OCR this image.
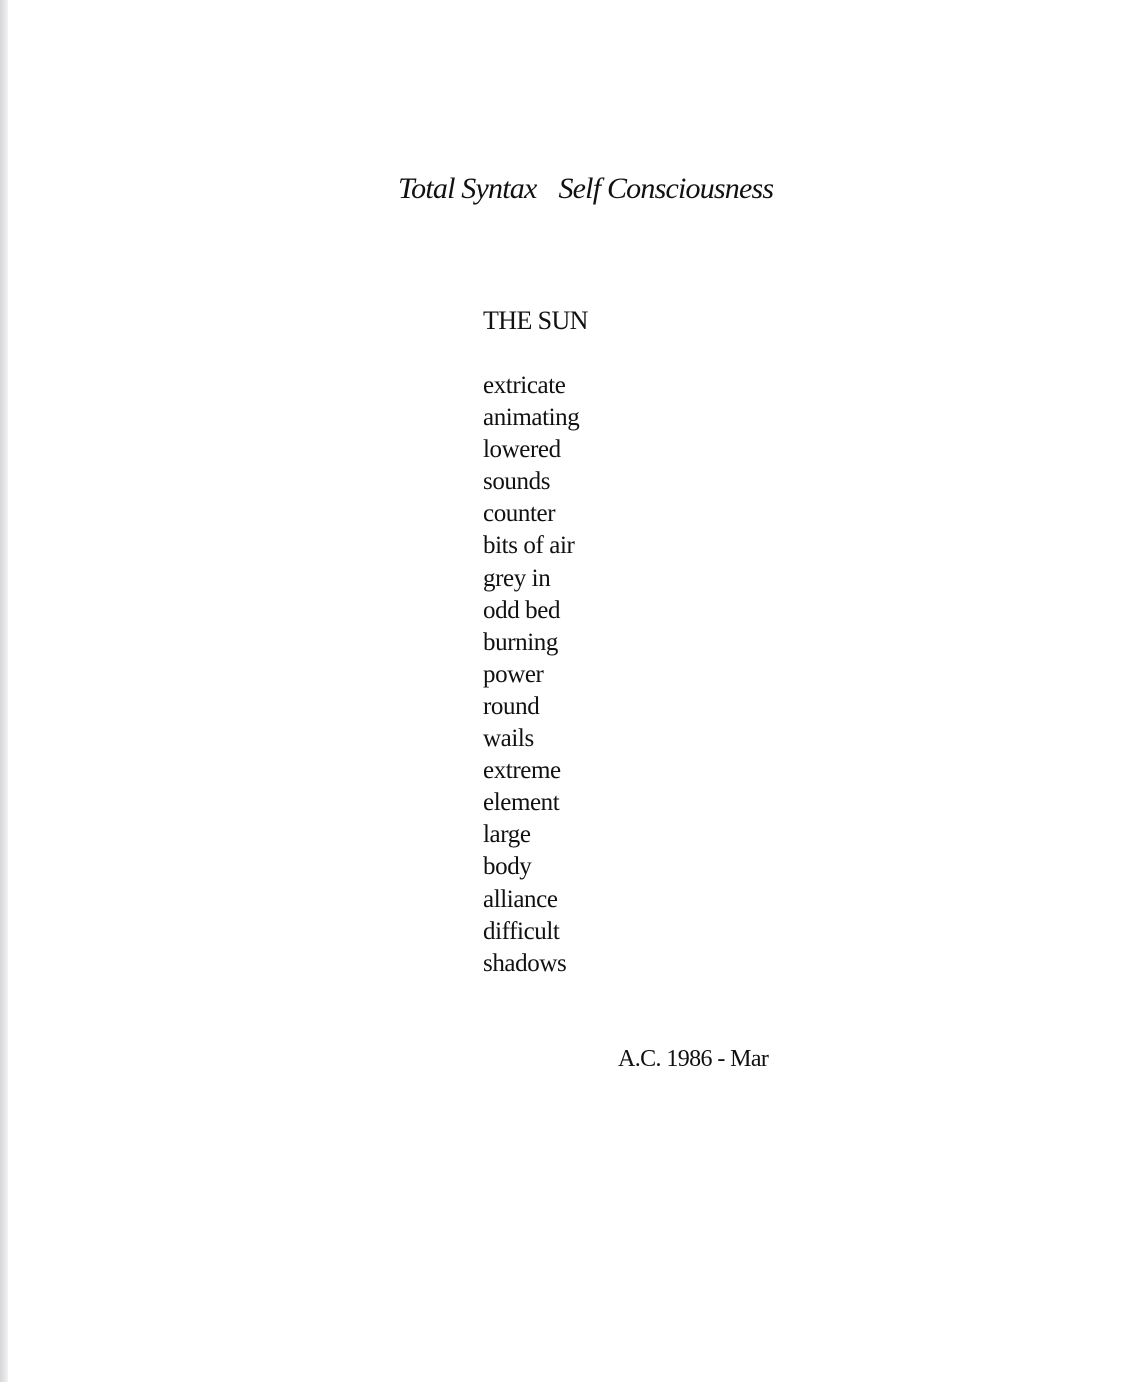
Total Syntax Self Consciousness
THE SUN
extricate
animating
lowered
sounds
counter
bits of air
grey in
odd bed
burning
power
round
wails
extreme
element
large
body
alliance
difficult
shadows
A.C. 1986 - Mar
